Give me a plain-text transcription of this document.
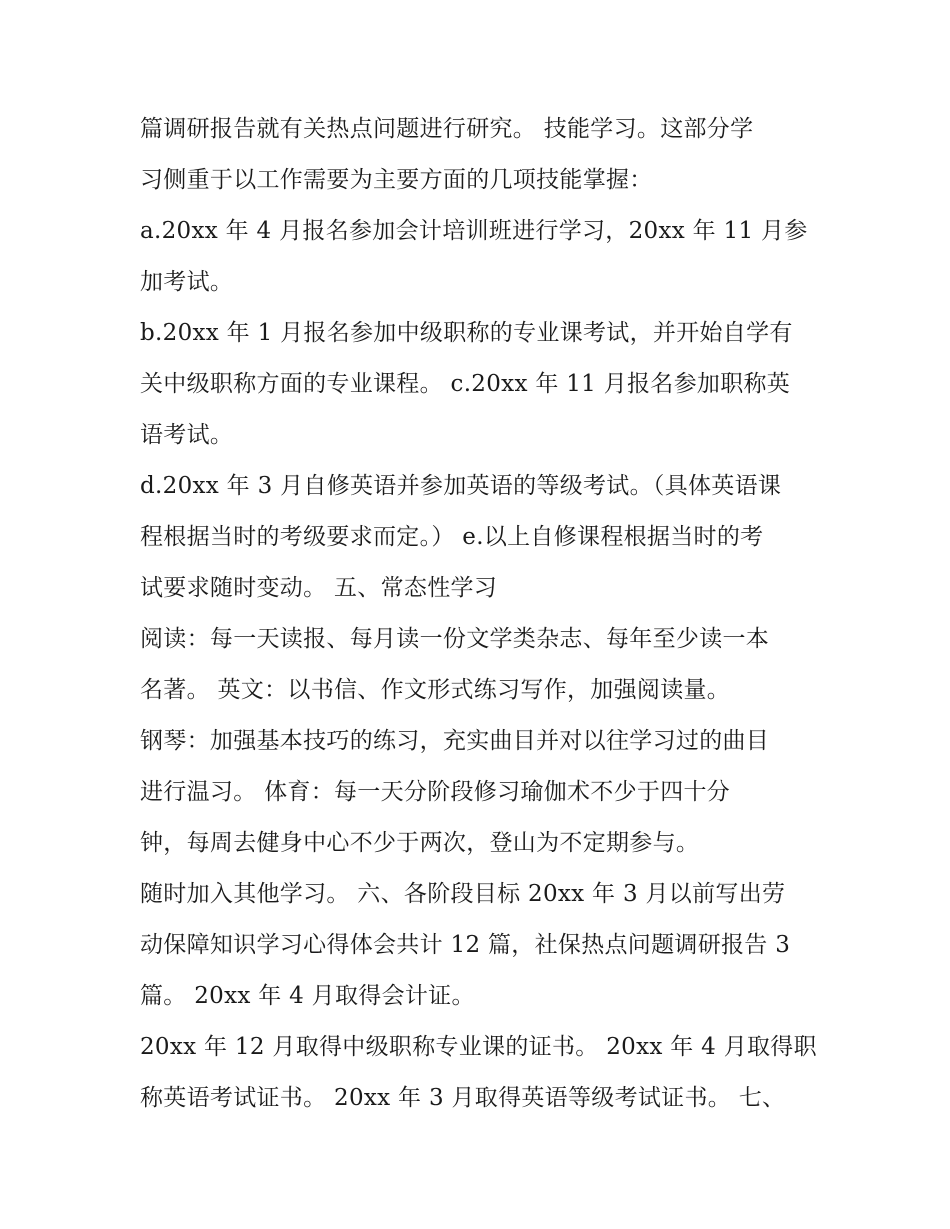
篇调研报告就有关热点问题进行研究。 技能学习。这部分学
习侧重于以工作需要为主要方面的几项技能掌握：
a.20xx 年 4 月报名参加会计培训班进行学习，20xx 年 11 月参
加考试。
b.20xx 年 1 月报名参加中级职称的专业课考试，并开始自学有
关中级职称方面的专业课程。 c.20xx 年 11 月报名参加职称英
语考试。
d.20xx 年 3 月自修英语并参加英语的等级考试。（具体英语课
程根据当时的考级要求而定。） e.以上自修课程根据当时的考
试要求随时变动。 五、常态性学习
阅读：每一天读报、每月读一份文学类杂志、每年至少读一本
名著。 英文：以书信、作文形式练习写作，加强阅读量。
钢琴：加强基本技巧的练习，充实曲目并对以往学习过的曲目
进行温习。 体育：每一天分阶段修习瑜伽术不少于四十分
钟，每周去健身中心不少于两次，登山为不定期参与。
随时加入其他学习。 六、各阶段目标 20xx 年 3 月以前写出劳
动保障知识学习心得体会共计 12 篇，社保热点问题调研报告 3
篇。 20xx 年 4 月取得会计证。
20xx 年 12 月取得中级职称专业课的证书。 20xx 年 4 月取得职
称英语考试证书。 20xx 年 3 月取得英语等级考试证书。 七、
